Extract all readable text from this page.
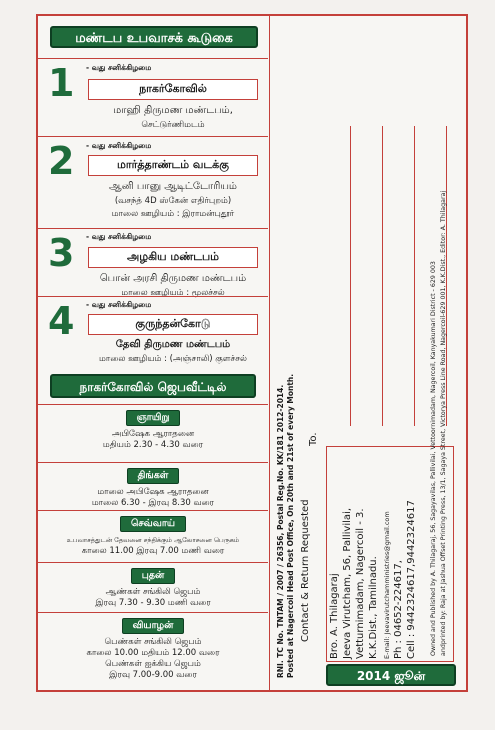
மண்டப உபவாசக் கூடுகை
1 - வது சனிக்கிழமை
நாகர்கோவில்
மாஹி திருமண மண்டபம்,
செட்டுர்ணிமடம்
2 - வது சனிக்கிழமை
மார்த்தாண்டம் வடக்கு
ஆனி பானு ஆடிட்டோரியம்
(வசந்த் 4D ஸ்கேன் எதிர்புறம்)
மாலை ஊழியம் : இராமன்புதூர்
3 - வது சனிக்கிழமை
அழகிய மண்டபம்
பொன் அரசி திருமண மண்டபம்
மாலை ஊழியம் : மூலச்சல்
4 - வது சனிக்கிழமை
குருந்தன்கோடு
தேவி திருமண மண்டபம்
மாலை ஊழியம் : (அஞ்சாலி) குளச்சல்
நாகர்கோவில் ஜெபவீட்டில்
ஞாயிறு
அபிஷேக ஆராதனை
மதியம் 2.30 - 4.30 வரை
திங்கள்
மாலை அபிஷேக ஆராதனை
மாலை 6.30 - இரவு 8.30 வரை
செவ்வாய்
உபவாசத்துடன் தேவனை சந்திக்கும் ஆலோசனை பெருகம்
காலை 11.00 இரவு 7.00 மணி வரை
புதன்
ஆண்கள் சங்கிலி ஜெபம்
இரவு 7.30 - 9.30 மணி வரை
வியாழன்
பெண்கள் சங்கிலி ஜெபம்
காலை 10.00 மதியம் 12.00 வரை
பெண்கள் ஐக்கிய ஜெபம்
இரவு 7.00-9.00 வரை	RNI. TC No. TNTAM / 2007 / 26356, Postal Reg.No. KK/181 2012-2014. Posted at Nagercoil Head Post Office, On 20th and 21st of every Month. Contact & Return Requested
To.
Bro. A. Thilagaraj Jeeva Virutcham, 56, Pallivilai, Vetturnimadam, Nagercoil - 3. K.K.Dist., Tamilnadu. E-mail: Jeevavirutchamministries@gmail.com Ph : 04652-224617, Cell : 9442324617,9442324617 Owned and Published by A. Thilagaraj, 56, Sagayavilas, Pallivilai, Vettoornimadam, Nagercoil, Kanyakumari District - 629 003 andprinted by: Raja at Jashua Offset Printing Press, 13/1, Sagaya Street, Victorya Press Line Road, Nagercoil-629 001, K.K.Dist., Editor: A. Thilagaraj
2014 ஜூன்
